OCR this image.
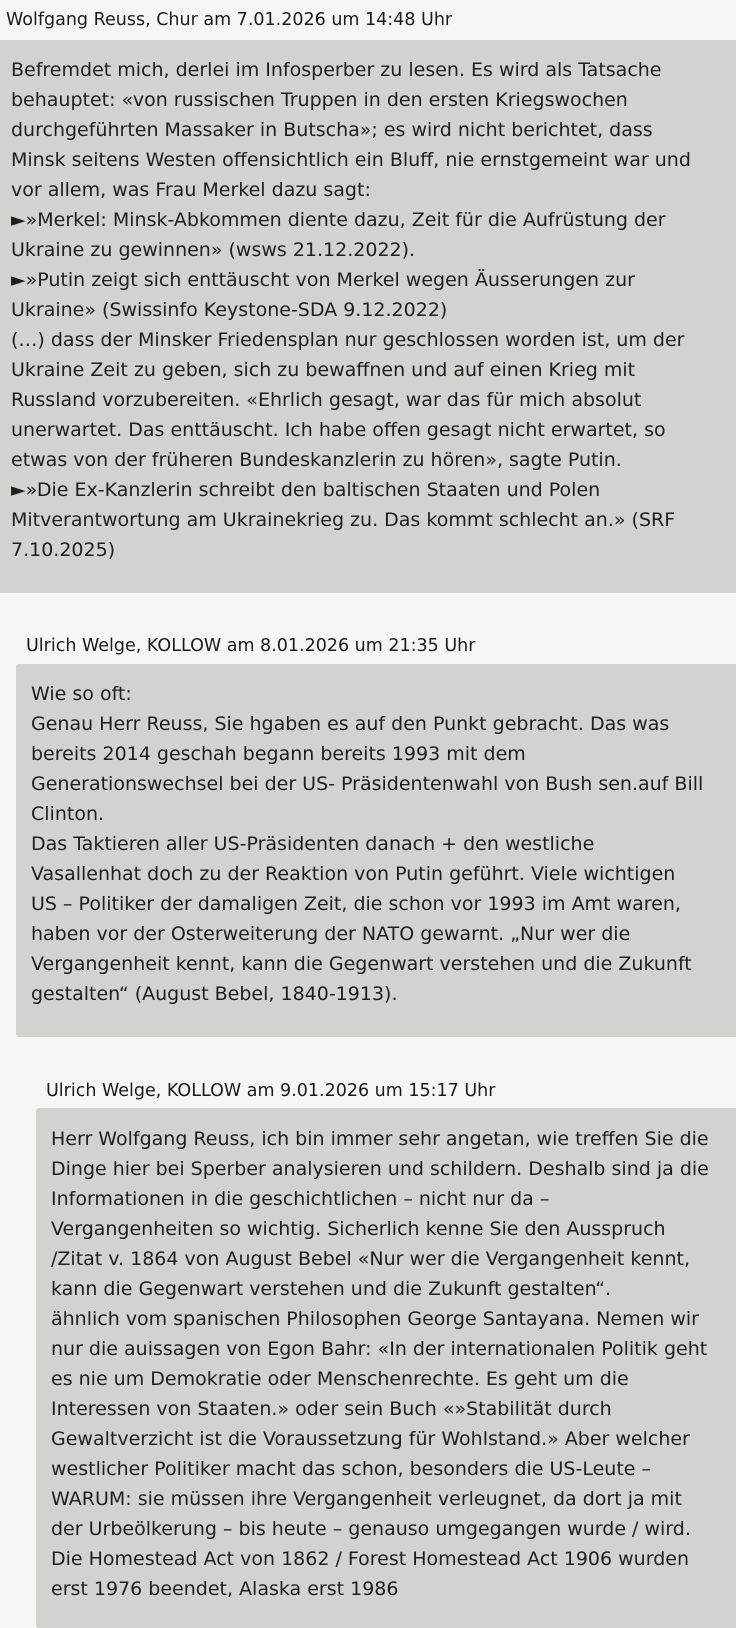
Wolfgang Reuss, Chur am 7.01.2026 um 14:48 Uhr

Befremdet mich, derlei im Infosperber zu lesen. Es wird als Tatsache

behauptet: «von russischen Truppen in den ersten Kriegswochen

durchgeführten Massaker in Butscha»; es wird nicht berichtet, dass

Minsk seitens Westen offensichtlich ein Bluff, nie ernstgemeint war und

vor allem, was Frau Merkel dazu sagt:

►»Merkel: Minsk-Abkommen diente dazu, Zeit für die Aufrüstung der

Ukraine zu gewinnen» (wsws 21.12.2022).

►»Putin zeigt sich enttäuscht von Merkel wegen Äusserungen zur

Ukraine» (Swissinfo Keystone-SDA 9.12.2022)

(…) dass der Minsker Friedensplan nur geschlossen worden ist, um der

Ukraine Zeit zu geben, sich zu bewaffnen und auf einen Krieg mit

Russland vorzubereiten. «Ehrlich gesagt, war das für mich absolut

unerwartet. Das enttäuscht. Ich habe offen gesagt nicht erwartet, so

etwas von der früheren Bundeskanzlerin zu hören», sagte Putin.

►»Die Ex-Kanzlerin schreibt den baltischen Staaten und Polen

Mitverantwortung am Ukrainekrieg zu. Das kommt schlecht an.» (SRF

7.10.2025)

Ulrich Welge, KOLLOW am 8.01.2026 um 21:35 Uhr

Wie so oft:

Genau Herr Reuss, Sie hgaben es auf den Punkt gebracht. Das was

bereits 2014 geschah begann bereits 1993 mit dem

Generationswechsel bei der US- Präsidentenwahl von Bush sen.auf Bill

Clinton.

Das Taktieren aller US-Präsidenten danach + den westliche

Vasallenhat doch zu der Reaktion von Putin geführt. Viele wichtigen

US – Politiker der damaligen Zeit, die schon vor 1993 im Amt waren,

haben vor der Osterweiterung der NATO gewarnt. „Nur wer die

Vergangenheit kennt, kann die Gegenwart verstehen und die Zukunft

gestalten“ (August Bebel, 1840-1913).

Ulrich Welge, KOLLOW am 9.01.2026 um 15:17 Uhr

Herr Wolfgang Reuss, ich bin immer sehr angetan, wie treffen Sie die

Dinge hier bei Sperber analysieren und schildern. Deshalb sind ja die

Informationen in die geschichtlichen – nicht nur da –

Vergangenheiten so wichtig. Sicherlich kenne Sie den Ausspruch

/Zitat v. 1864 von August Bebel «Nur wer die Vergangenheit kennt,

kann die Gegenwart verstehen und die Zukunft gestalten“.

ähnlich vom spanischen Philosophen George Santayana. Nemen wir

nur die auissagen von Egon Bahr: «In der internationalen Politik geht

es nie um Demokratie oder Menschenrechte. Es geht um die

Interessen von Staaten.» oder sein Buch «»Stabilität durch

Gewaltverzicht ist die Voraussetzung für Wohlstand.» Aber welcher

westlicher Politiker macht das schon, besonders die US-Leute –

WARUM: sie müssen ihre Vergangenheit verleugnet, da dort ja mit

der Urbeölkerung – bis heute – genauso umgegangen wurde / wird.

Die Homestead Act von 1862 / Forest Homestead Act 1906 wurden

erst 1976 beendet, Alaska erst 1986
